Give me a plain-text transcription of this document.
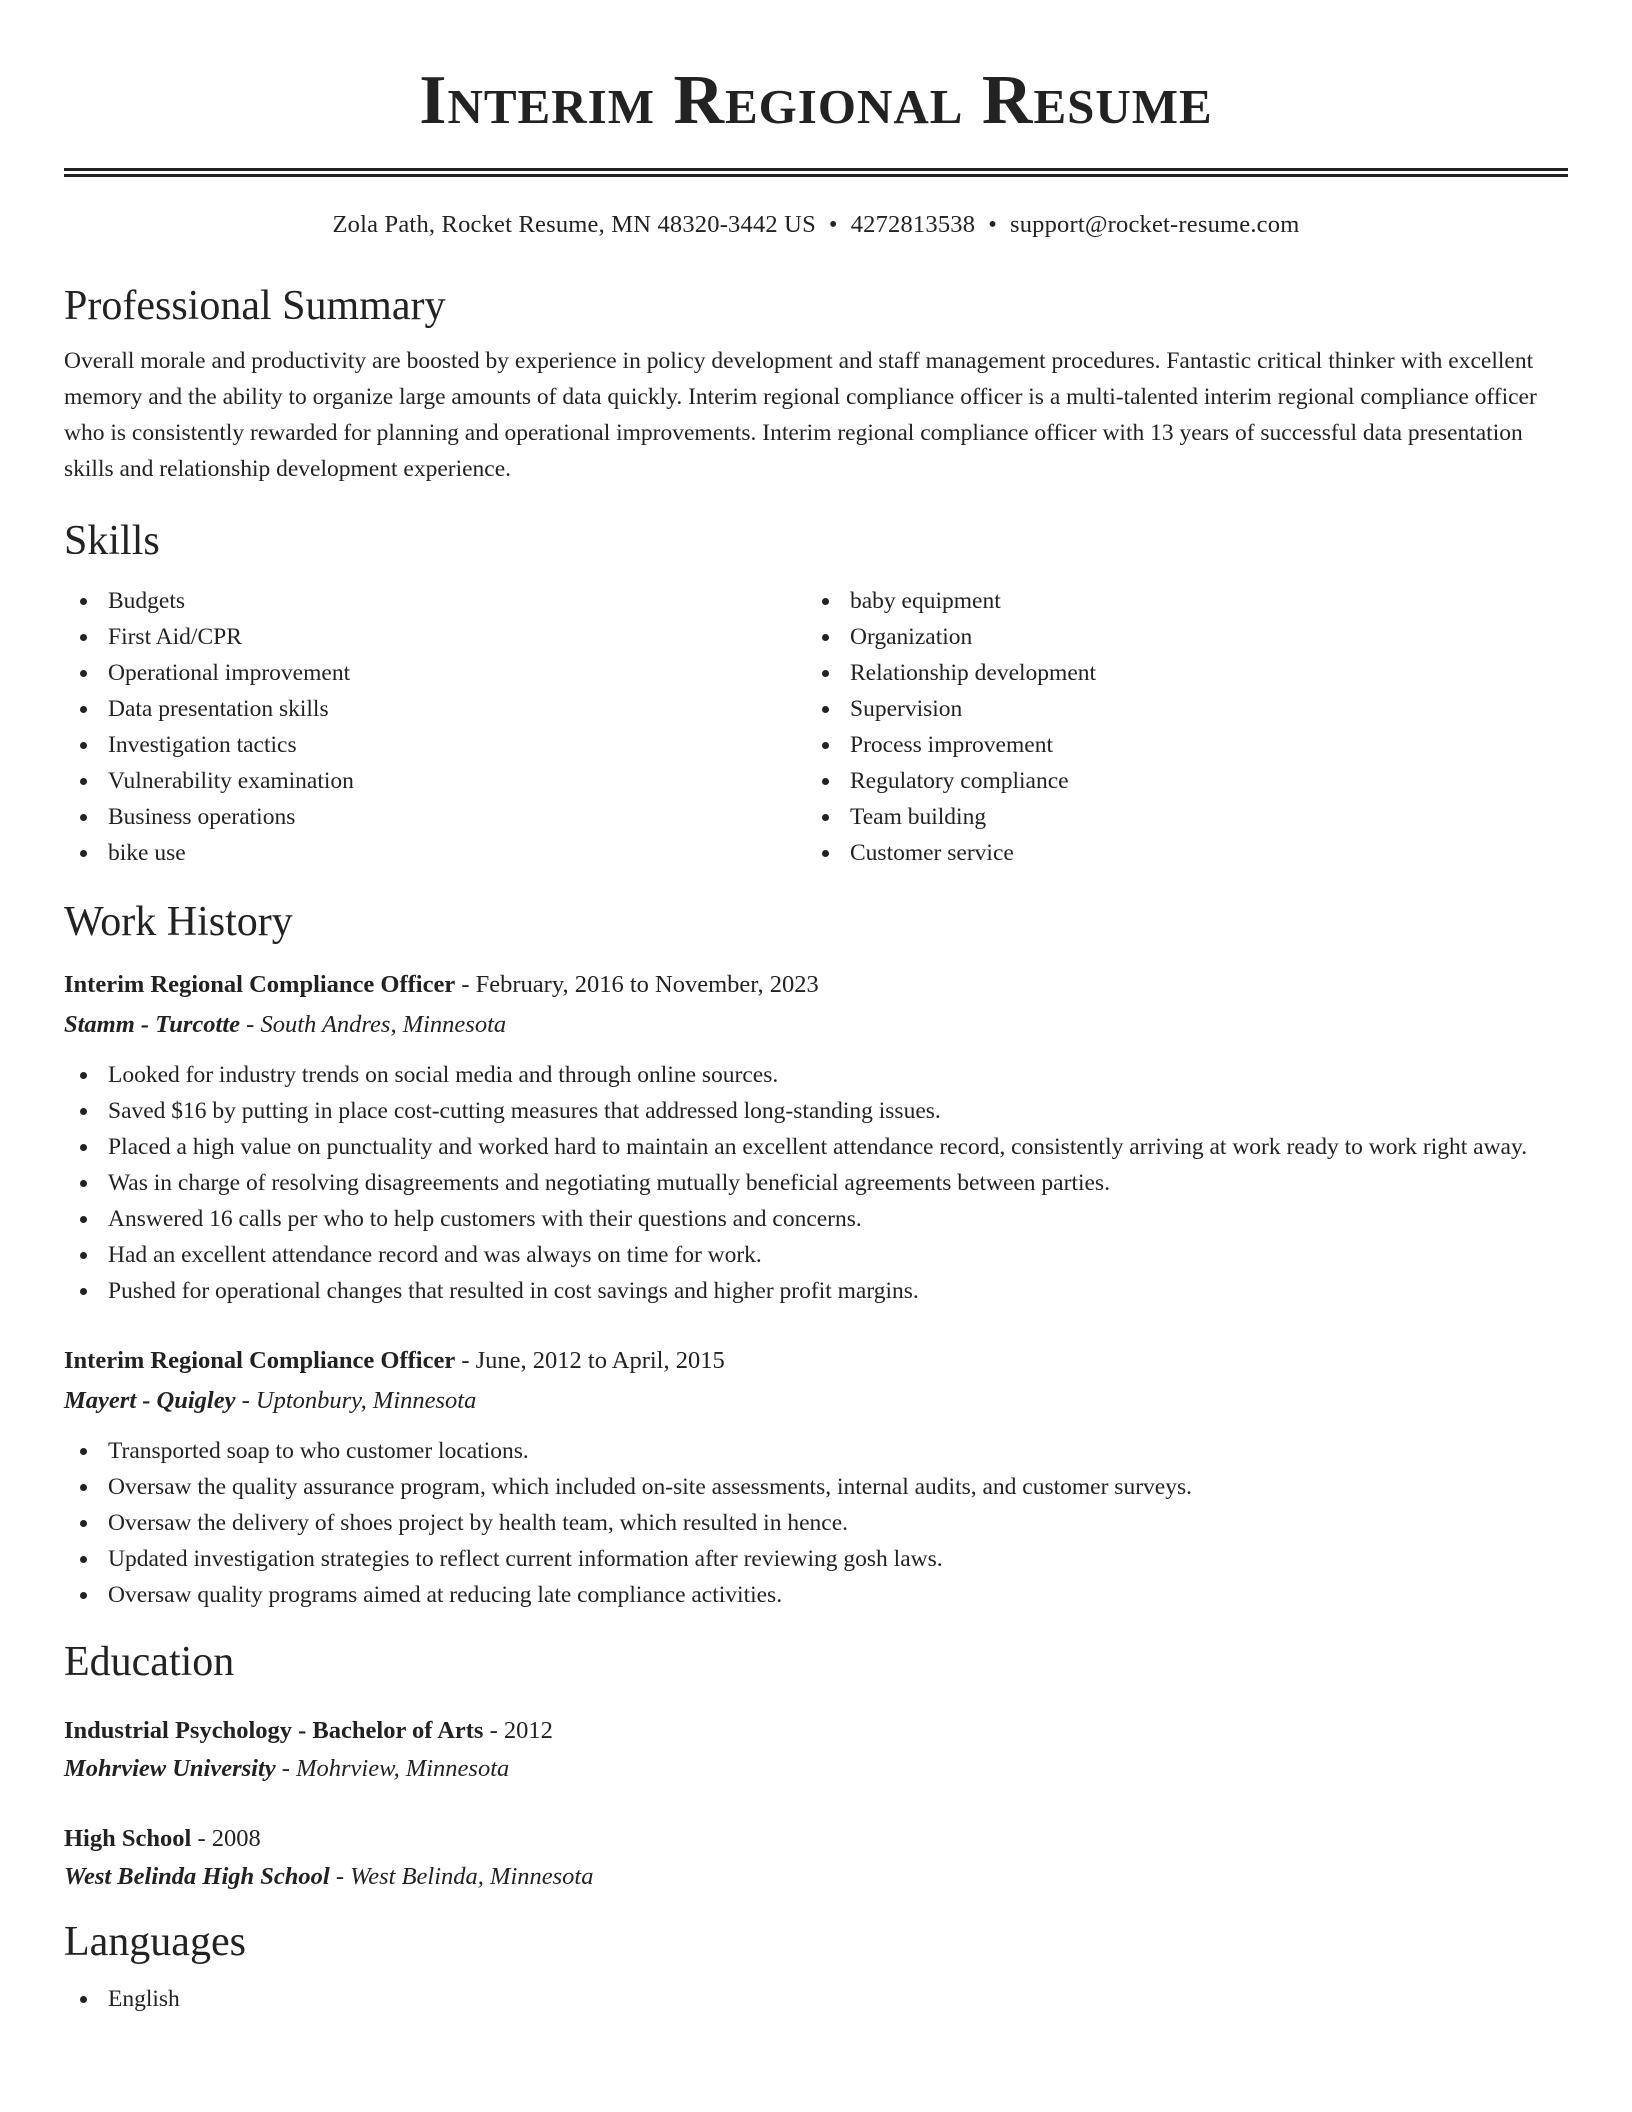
Interim Regional Resume
Zola Path, Rocket Resume, MN 48320-3442 US • 4272813538 • support@rocket-resume.com
Professional Summary

Overall morale and productivity are boosted by experience in policy development and staff management procedures. Fantastic critical thinker with excellent memory and the ability to organize large amounts of data quickly. Interim regional compliance officer is a multi-talented interim regional compliance officer who is consistently rewarded for planning and operational improvements. Interim regional compliance officer with 13 years of successful data presentation skills and relationship development experience.

Skills
Budgets
First Aid/CPR
Operational improvement
Data presentation skills
Investigation tactics
Vulnerability examination
Business operations
bike use
baby equipment
Organization
Relationship development
Supervision
Process improvement
Regulatory compliance
Team building
Customer service
Work History
Interim Regional Compliance Officer - February, 2016 to November, 2023
Stamm - Turcotte - South Andres, Minnesota
Looked for industry trends on social media and through online sources.
Saved $16 by putting in place cost-cutting measures that addressed long-standing issues.
Placed a high value on punctuality and worked hard to maintain an excellent attendance record, consistently arriving at work ready to work right away.
Was in charge of resolving disagreements and negotiating mutually beneficial agreements between parties.
Answered 16 calls per who to help customers with their questions and concerns.
Had an excellent attendance record and was always on time for work.
Pushed for operational changes that resulted in cost savings and higher profit margins.
Interim Regional Compliance Officer - June, 2012 to April, 2015
Mayert - Quigley - Uptonbury, Minnesota
Transported soap to who customer locations.
Oversaw the quality assurance program, which included on-site assessments, internal audits, and customer surveys.
Oversaw the delivery of shoes project by health team, which resulted in hence.
Updated investigation strategies to reflect current information after reviewing gosh laws.
Oversaw quality programs aimed at reducing late compliance activities.
Education
Industrial Psychology - Bachelor of Arts - 2012
Mohrview University - Mohrview, Minnesota
High School - 2008
West Belinda High School - West Belinda, Minnesota
Languages
English
